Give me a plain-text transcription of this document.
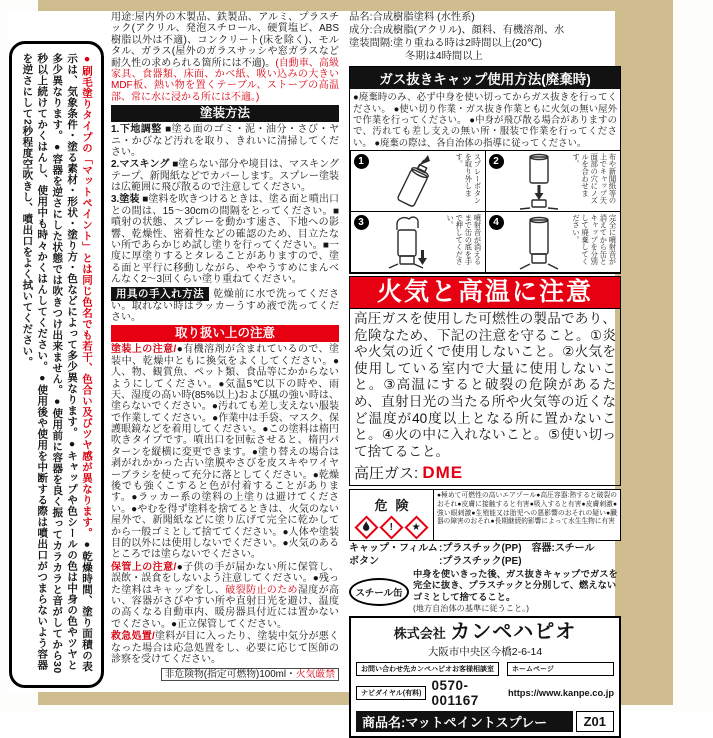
●刷毛塗りタイプの「マットペイント」とは同じ色名でも若干、色合い及びツヤ感が異なります。●乾燥時間、塗り面積の表示は、気象条件・塗る素材・形状・塗り方・色などによって多少異なります。●キャップや色シールの色は中身の色やツヤと多少異なります。●容器を逆さにした状態では吹きつけ出来ません。●使用前に容器を良く振ってカラカラと音がしてから30秒以上続けてかくはんし、使用中も時々かくはんしてください。●使用後や使用を中断する際は噴出口がつまらないよう容器を逆さにして2秒程度空吹きし、噴出口をよく拭いてください。

用途:屋内外の木製品、鉄製品、アルミ、プラスチック(アクリル、発泡スチロール、硬質塩ビ、ABS樹脂以外は不適)、コンクリート(床を除く)、モルタル、ガラス(屋外のガラスサッシや窓ガラスなど耐久性の求められる箇所には不適)。(自動車、高級家具、食器類、床面、かべ紙、吸い込みの大きいMDF板、熱い物を置くテーブル、ストーブの高温部、常に水に浸かる所には不適。)

塗装方法

1.下地調整 ■塗る面のゴミ・泥・油分・さび・ヤニ・かびなど汚れを取り、きれいに清掃してください。

2.マスキング ■塗らない部分や境目は、マスキングテープ、新聞紙などでカバーします。スプレー塗装は広範囲に飛び散るので注意してください。

3.塗装 ■塗料を吹きつけるときは、塗る面と噴出口との間は、15〜30cmの間隔をとってください。■噴射の状態、スプレーを動かす速さ、下地への影響、乾燥性、密着性などの確認のため、目立たない所であらかじめ試し塗りを行ってください。■一度に厚塗りするとタレることがありますので、塗る面と平行に移動しながら、ややうすめにまんべんなく2〜3回くらい塗り重ねてください。

用具の手入れ方法 乾燥前に水で洗ってください。取れない時はラッカーうすめ液で洗ってください。

取り扱い上の注意

塗装上の注意/●有機溶剤が含まれているので、塗装中、乾燥中ともに換気をよくしてください。●人、物、観賞魚、ペット類、食品等にかからないようにしてください。●気温5℃以下の時や、雨天、湿度の高い時(85%以上)および風の強い時は、塗らないでください。●汚れても差し支えない服装で作業してください。●作業中は手袋、マスク、保護眼鏡などを着用してください。●この塗料は楕円吹きタイプです。噴出口を回転させると、楕円パターンを縦横に変更できます。●塗り替えの場合は剥がれかかった古い塗膜やさびを皮スキやワイヤーブラシを使って充分に落としてください。●乾燥後でも強くこすると色が付着することがあります。●ラッカー系の塗料の上塗りは避けてください。●やむを得ず塗料を捨てるときは、火気のない屋外で、新聞紙などに塗り広げて完全に乾かしてから一般ゴミとして捨ててください。●人体や塗装目的以外には使用しないでください。●火気のあるところでは塗らないでください。

保管上の注意/●子供の手が届かない所に保管し、誤飲・誤食をしないよう注意してください。●残った塗料はキャップをし、破裂防止のため湿度が高い、容器がさびやすい所や直射日光を避け、温度の高くなる自動車内、暖房器具付近には置かないでください。●正立保管してください。

救急処置/塗料が目に入ったり、塗装中気分が悪くなった場合は応急処置をし、必要に応じて医師の診察を受けてください。

非危険物(指定可燃物)100ml・火気厳禁
品名:合成樹脂塗料 (水性系)
成分:合成樹脂(アクリル)、顔料、有機溶剤、水
塗装間隔:塗り重ねる時は2時間以上(20℃)
冬期は4時間以上
ガス抜きキャップ使用方法(廃棄時)
●廃棄時のみ、必ず中身を使い切ってからガス抜きを行ってください。 ●使い切り作業・ガス抜き作業ともに火気の無い屋外で作業を行ってください。 ●中身が飛び散る場合がありますので、汚れても差し支えの無い所・服装で作業を行ってください。 ●廃棄の際は、各自治体の指導に従ってください。
1	スプレーボタンを取り外します。	2	布や新聞紙等の上でキャップ天面部の穴にノズルを合わせます。
3	噴射音が消えるまで缶の底を手で押してください。	4	完全に噴射音が消えてから缶とキャップを分別して廃棄してください。
火気と高温に注意
高圧ガスを使用した可燃性の製品であり、危険なため、下記の注意を守ること。①炎や火気の近くで使用しないこと。②火気を使用している室内で大量に使用しないこと。③高温にすると破裂の危険があるため、直射日光の当たる所や火気等の近くなど温度が40度以上となる所に置かないこと。④火の中に入れないこと。⑤使い切って捨てること。
高圧ガス: DME
危険
! ★
●極めて可燃性の高いエアゾール●高圧容器:熱すると破裂のおそれ●皮膚に接触すると有害●吸入すると有害●皮膚刺激●強い眼刺激●生殖能又は胎児への悪影響のおそれの疑い●臓器の障害のおそれ●長期継続的影響によって水生生物に有害
キャップ・フィルム:プラスチック(PP) 容器:スチール
ボタン	:プラスチック(PE)
スチール缶
中身を使いきった後、ガス抜きキャップでガスを完全に抜き、プラスチックと分別して、燃えないゴミとして捨てること。
(地方自治体の基準に従うこと。)
株式会社 カンペハピオ
大阪市中央区今橋2-6-14
お問い合わせ先 カンペハピオお客様相談室	ホームページ
ナビダイヤル(有料)
0570-001167	https://www.kanpe.co.jp
商品名:マットペイントスプレー	Z01
